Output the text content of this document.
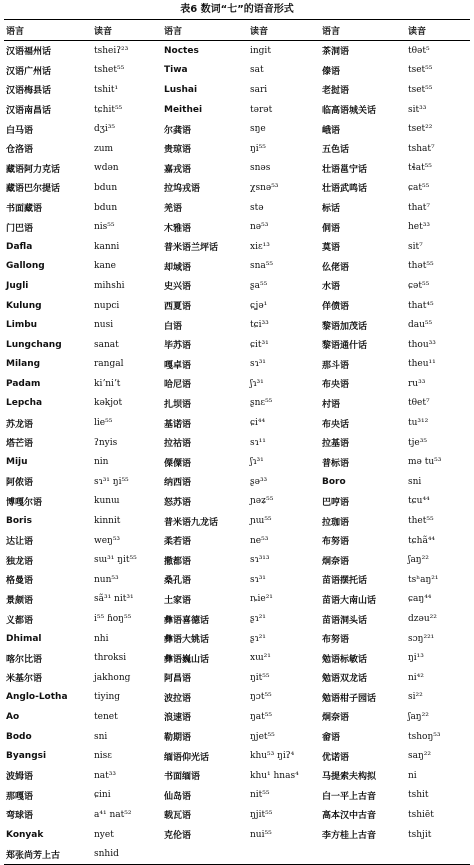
表6 数词“七”的语音形式
语言	读音	语言	读音	语言	读音
汉语福州话	tsheiʔ²³	Noctes	ingit	茶洞语	tθət⁵
汉语广州话	tshet⁵⁵	Tiwa	sat	傣语	tset⁵⁵
汉语梅县话	tshit¹	Lushai	sari	老挝语	tset⁵⁵
汉语南昌话	tɕhit⁵⁵	Meithei	tərət	临高语城关话	sit³³
白马语	dʒi³⁵	尔龚语	sŋe	峨语	tset²²
仓洛语	zum	贵琼语	ŋi⁵⁵	五色话	tshat⁷
藏语阿力克话	wdən	嘉戎语	snəs	壮语邕宁话	tɬat⁵⁵
藏语巴尔提话	bdun	拉坞戎语	χsnə⁵³	壮语武鸣话	ɕat⁵⁵
书面藏语	bdun	羌语	stə	标话	that⁷
门巴语	nis⁵⁵	木雅语	nə⁵³	侗语	het³³
Dafla	kanni	普米语兰坪话	xiɛ¹³	莫语	sit⁷
Gallong	kane	却域语	sna⁵⁵	仫佬语	thət⁵⁵
Jugli	mihshi	史兴语	ʂa⁵⁵	水语	ɕət⁵⁵
Kulung	nupci	西夏语	ɕʝə¹	佯偾语	that⁴⁵
Limbu	nusi	白语	tɕi³³	黎语加茂话	dau⁵⁵
Lungchang	sanat	毕苏语	ɕit³¹	黎语通什话	thou³³
Milang	rangal	嘎卓语	sɿ³¹	那斗语	theu¹¹
Padam	kiʼniʼt	哈尼语	ʃɿ³¹	布央语	ru³³
Lepcha	kəkjot	扎坝语	ʂnɛ⁵⁵	村语	tθet⁷
苏龙语	lie⁵⁵	基诺语	ɕi⁴⁴	布央话	tu³¹²
塔芒语	ʔnyis	拉祜语	sɿ¹¹	拉基语	tje³⁵
Miju	nin	傈僳语	ʃɿ³¹	普标语	mə tu⁵³
阿侬语	sɿ³¹ ŋi⁵⁵	纳西语	ʂə³³	Boro	sni
博嘎尔语	kunɯ	怒苏语	ɲəʑ⁵⁵	巴哼语	tɕu⁴⁴
Boris	kinnit	普米语九龙话	ɲɯ⁵⁵	拉珈语	thet⁵⁵
达让语	weŋ⁵³	柔若语	ne⁵³	布努语	tɕhã⁴⁴
独龙语	sɯ³¹ ŋit⁵⁵	撒都语	sɿ³¹³	炯奈语	ʃaŋ²²
格曼语	nun⁵³	桑孔语	sɿ³¹	苗语摆托话	tsʰaŋ²¹
景颇语	sã³¹ nit³¹	土家语	ȵie²¹	苗语大南山话	ɕaŋ⁴⁴
义都语	i⁵⁵ ɦoŋ⁵⁵	彝语喜德话	ʂɿ²¹	苗语洞头话	dzəu²²
Dhimal	nhi	彝语大姚话	ʂɿ²¹	布努语	sɔŋ²²¹
喀尔比语	throksi	彝语巍山话	xɯ²¹	勉语标敏话	ŋi¹³
米基尔语	jakhong	阿昌语	ŋit⁵⁵	勉语双龙话	ni⁴²
Anglo-Lotha	tiying	波拉语	ŋɔt⁵⁵	勉语柑子园话	si²²
Ao	tenet	浪速语	ŋat⁵⁵	炯奈语	ʃaŋ²²
Bodo	sni	勒期语	ŋjet⁵⁵	畲语	tshoŋ⁵³
Byangsi	nisɛ	缅语仰光话	khu⁵³ ŋiʔ⁴	优诺语	saŋ²²
波姆语	nat³³	书面缅语	khu¹ hnas⁴	马提索夫构拟	ni
那嘎语	ɕini	仙岛语	nit⁵⁵	白一平上古音	tshit
弯球语	a⁴¹ nat⁵²	载瓦语	ŋjit⁵⁵	高本汉中古音	tshiēt
Konyak	nyet	克伦语	nui⁵⁵	李方桂上古音	tshjit
郑张尚芳上古	snhid				
